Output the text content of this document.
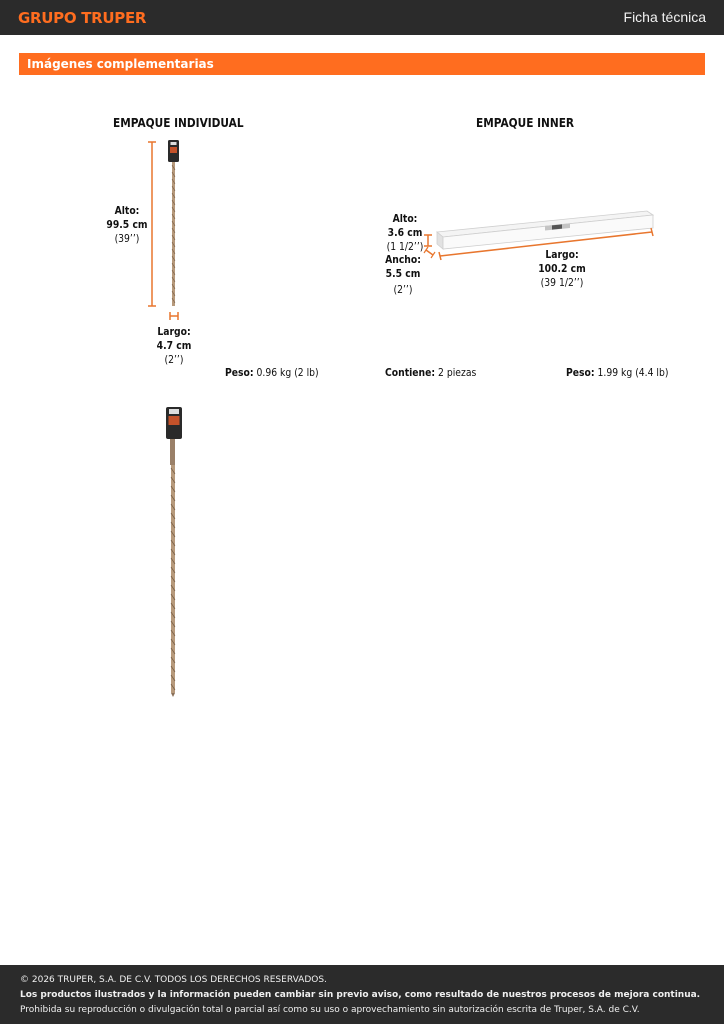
GRUPO TRUPER	Ficha técnica
Imágenes complementarias
EMPAQUE INDIVIDUAL	EMPAQUE INNER
Alto:
99.5 cm
(39’’)
Largo:
4.7 cm
(2’’)
Alto:
3.6 cm
(1 1/2’’)
Ancho:
5.5 cm
(2’’)
Largo:
100.2 cm
(39 1/2’’)
Peso: 0.96 kg (2 lb)	Contiene: 2 piezas	Peso: 1.99 kg (4.4 lb)
© 2026 TRUPER, S.A. DE C.V. TODOS LOS DERECHOS RESERVADOS.
Los productos ilustrados y la información pueden cambiar sin previo aviso, como resultado de nuestros procesos de mejora continua.
Prohibida su reproducción o divulgación total o parcial así como su uso o aprovechamiento sin autorización escrita de Truper, S.A. de C.V.
